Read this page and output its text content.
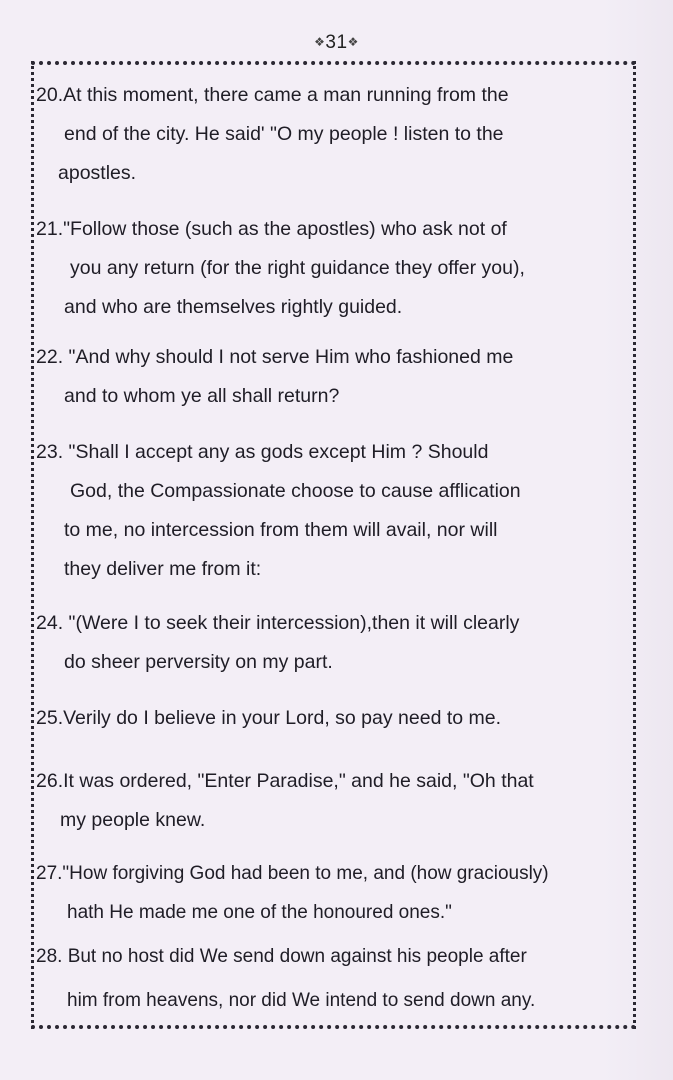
❖31❖
20.At this moment, there came a man running from the
end of the city. He said' "O my people ! listen to the
apostles.
21."Follow those (such as the apostles) who ask not of
you any return (for the right guidance they offer you),
and who are themselves rightly guided.
22. "And why should I not serve Him who fashioned me
and to whom ye all shall return?
23. "Shall I accept any as gods except Him ? Should
God, the Compassionate choose to cause afflication
to me, no intercession from them will avail, nor will
they deliver me from it:
24. "(Were I to seek their intercession),then it will clearly
do sheer perversity on my part.
25.Verily do I believe in your Lord, so pay need to me.
26.It was ordered, "Enter Paradise," and he said, "Oh that
my people knew.
27."How forgiving God had been to me, and (how graciously)
hath He made me one of the honoured ones."
28. But no host did We send down against his people after
him from heavens, nor did We intend to send down any.
